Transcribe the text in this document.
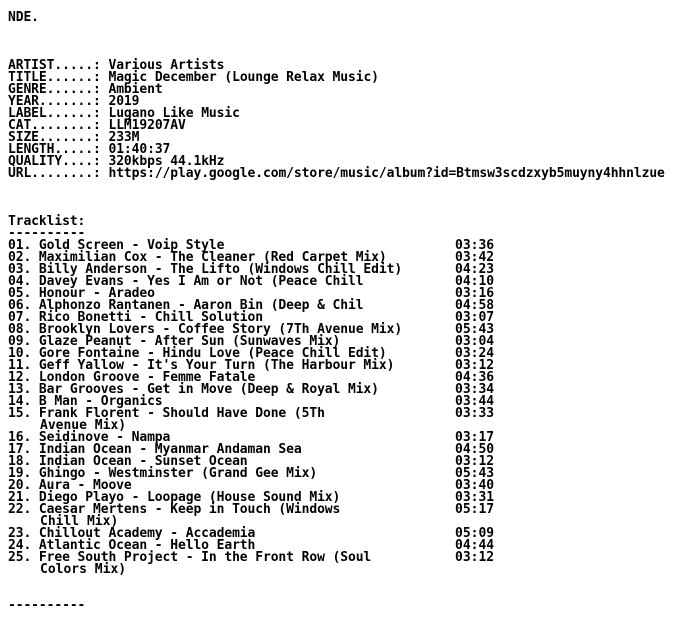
NDE.
ARTIST.....: Various Artists
TITLE......: Magic December (Lounge Relax Music)
GENRE......: Ambient
YEAR.......: 2019
LABEL......: Lugano Like Music
CAT........: LLM19207AV
SIZE.......: 233M
LENGTH.....: 01:40:37
QUALITY....: 320kbps 44.1kHz
URL........: https://play.google.com/store/music/album?id=Btmsw3scdzxyb5muyny4hhnlzue
Tracklist:
----------
01. Gold Screen - Voip Style	03:36
02. Maximilian Cox - The Cleaner (Red Carpet Mix)	03:42
03. Billy Anderson - The Lifto (Windows Chill Edit)	04:23
04. Davey Evans - Yes I Am or Not (Peace Chill	04:10
05. Honour - Aradeo	03:16
06. Alphonzo Rantanen - Aaron Bin (Deep & Chil	04:58
07. Rico Bonetti - Chill Solution	03:07
08. Brooklyn Lovers - Coffee Story (7Th Avenue Mix)	05:43
09. Glaze Peanut - After Sun (Sunwaves Mix)	03:04
10. Gore Fontaine - Hindu Love (Peace Chill Edit)	03:24
11. Geff Yallow - It's Your Turn (The Harbour Mix)	03:12
12. London Groove - Femme Fatale	04:36
13. Bar Grooves - Get in Move (Deep & Royal Mix)	03:34
14. B Man - Organics	03:44
15. Frank Florent - Should Have Done (5Th	03:33
Avenue Mix)
16. Seidinove - Nampa	03:17
17. Indian Ocean - Myanmar Andaman Sea	04:50
18. Indian Ocean - Sunset Ocean	03:12
19. Ghingo - Westminster (Grand Gee Mix)	05:43
20. Aura - Moove	03:40
21. Diego Playo - Loopage (House Sound Mix)	03:31
22. Caesar Mertens - Keep in Touch (Windows	05:17
Chill Mix)
23. Chillout Academy - Accademia	05:09
24. Atlantic Ocean - Hello Earth	04:44
25. Free South Project - In the Front Row (Soul	03:12
Colors Mix)
----------
